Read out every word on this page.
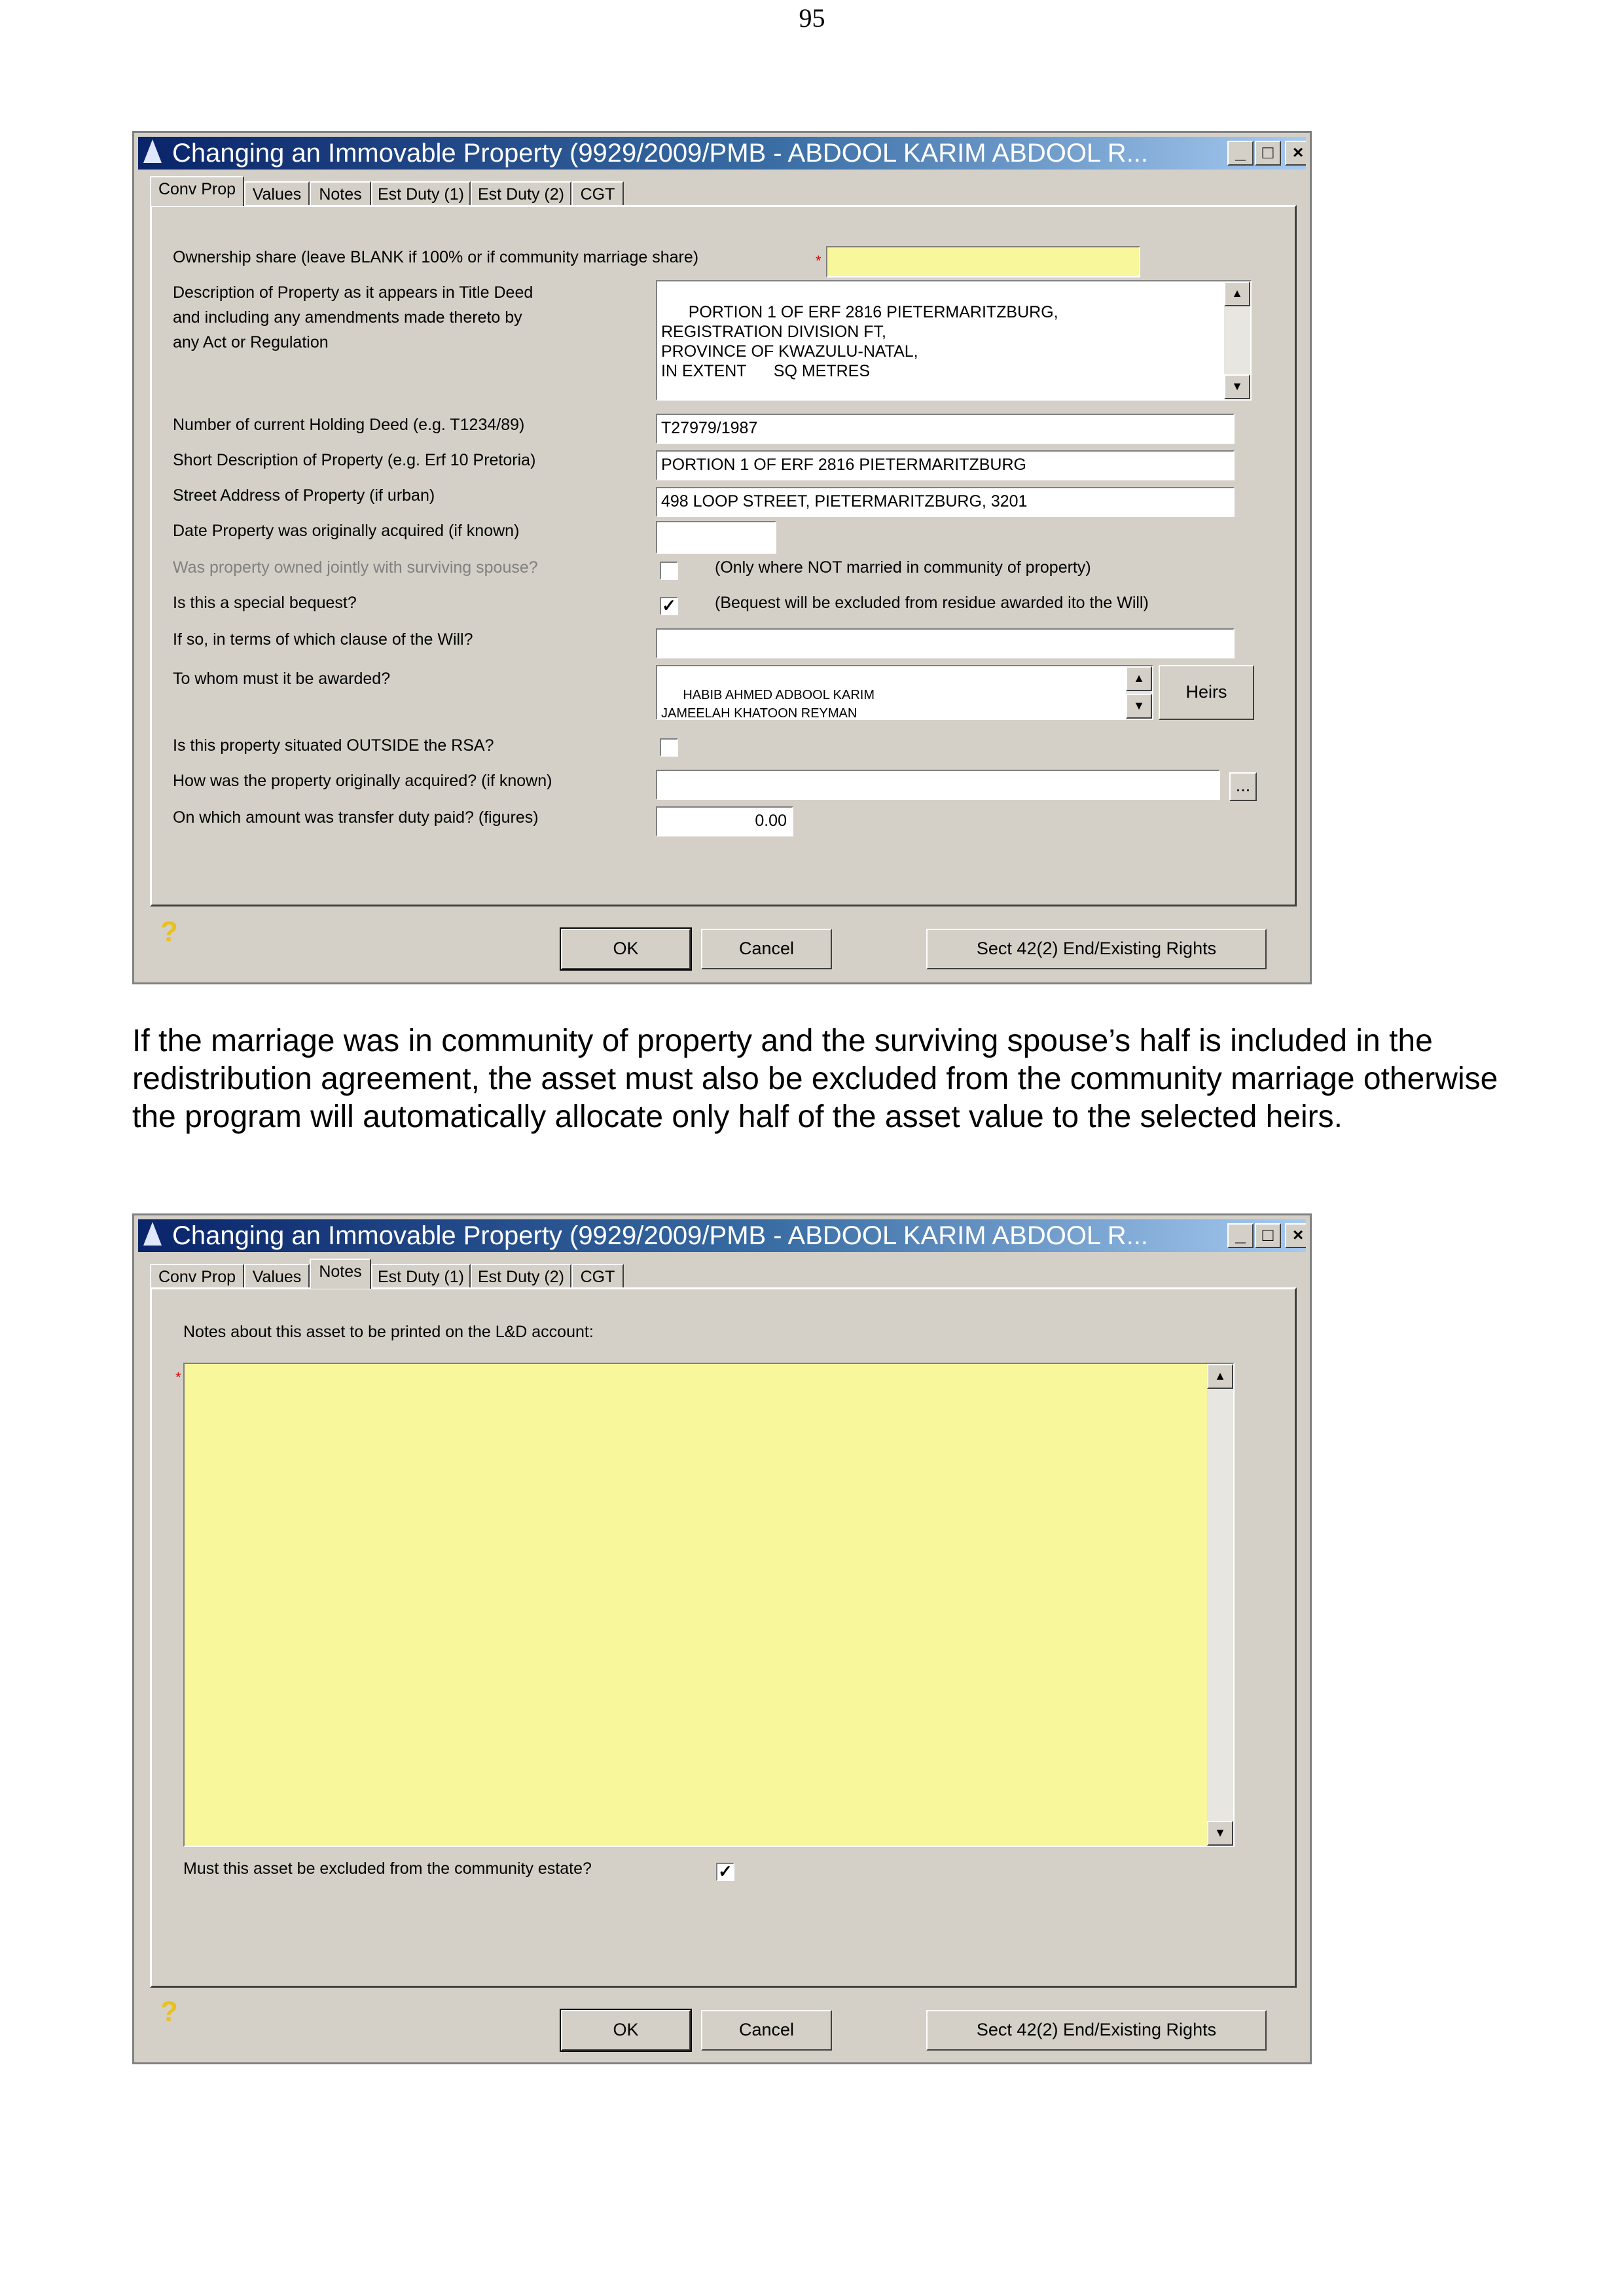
95
Changing an Immovable Property (9929/2009/PMB - ABDOOL KARIM ABDOOL R...	_ □	×
Conv Prop	Values	Notes Est Duty (1) Est Duty (2) CGT
Ownership share (leave BLANK if 100% or if community marriage share)	*
Description of Property as it appears in Title Deed
and including any amendments made thereto by
any Act or Regulation

PORTION 1 OF ERF 2816 PIETERMARITZBURG,
REGISTRATION DIVISION FT,
PROVINCE OF KWAZULU-NATAL,
IN EXTENT      SQ METRES

▲

▼

Number of current Holding Deed (e.g. T1234/89)	T27979/1987
Short Description of Property (e.g. Erf 10 Pretoria)	PORTION 1 OF ERF 2816 PIETERMARITZBURG
Street Address of Property (if urban)	498 LOOP STREET, PIETERMARITZBURG, 3201
Date Property was originally acquired (if known)
Was property owned jointly with surviving spouse?	(Only where NOT married in community of property)
Is this a special bequest?	✓ (Bequest will be excluded from residue awarded ito the Will)
If so, in terms of which clause of the Will?
To whom must it be awarded?

HABIB AHMED ADBOOL KARIM
JAMEELAH KHATOON REYMAN

▲

▼

Heirs
Is this property situated OUTSIDE the RSA?
How was the property originally acquired? (if known)	...
On which amount was transfer duty paid? (figures)	0.00
?
OK	Cancel	Sect 42(2) End/Existing Rights
If the marriage was in community of property and the surviving spouse’s half is included in the redistribution agreement, the asset must also be excluded from the community marriage otherwise the program will automatically allocate only half of the asset value to the selected heirs.
Changing an Immovable Property (9929/2009/PMB - ABDOOL KARIM ABDOOL R...	_ □	×
Conv Prop	Values	Notes Est Duty (1) Est Duty (2) CGT
Notes about this asset to be printed on the L&D account:
*	▲
▼
Must this asset be excluded from the community estate?	✓
?
OK	Cancel	Sect 42(2) End/Existing Rights
